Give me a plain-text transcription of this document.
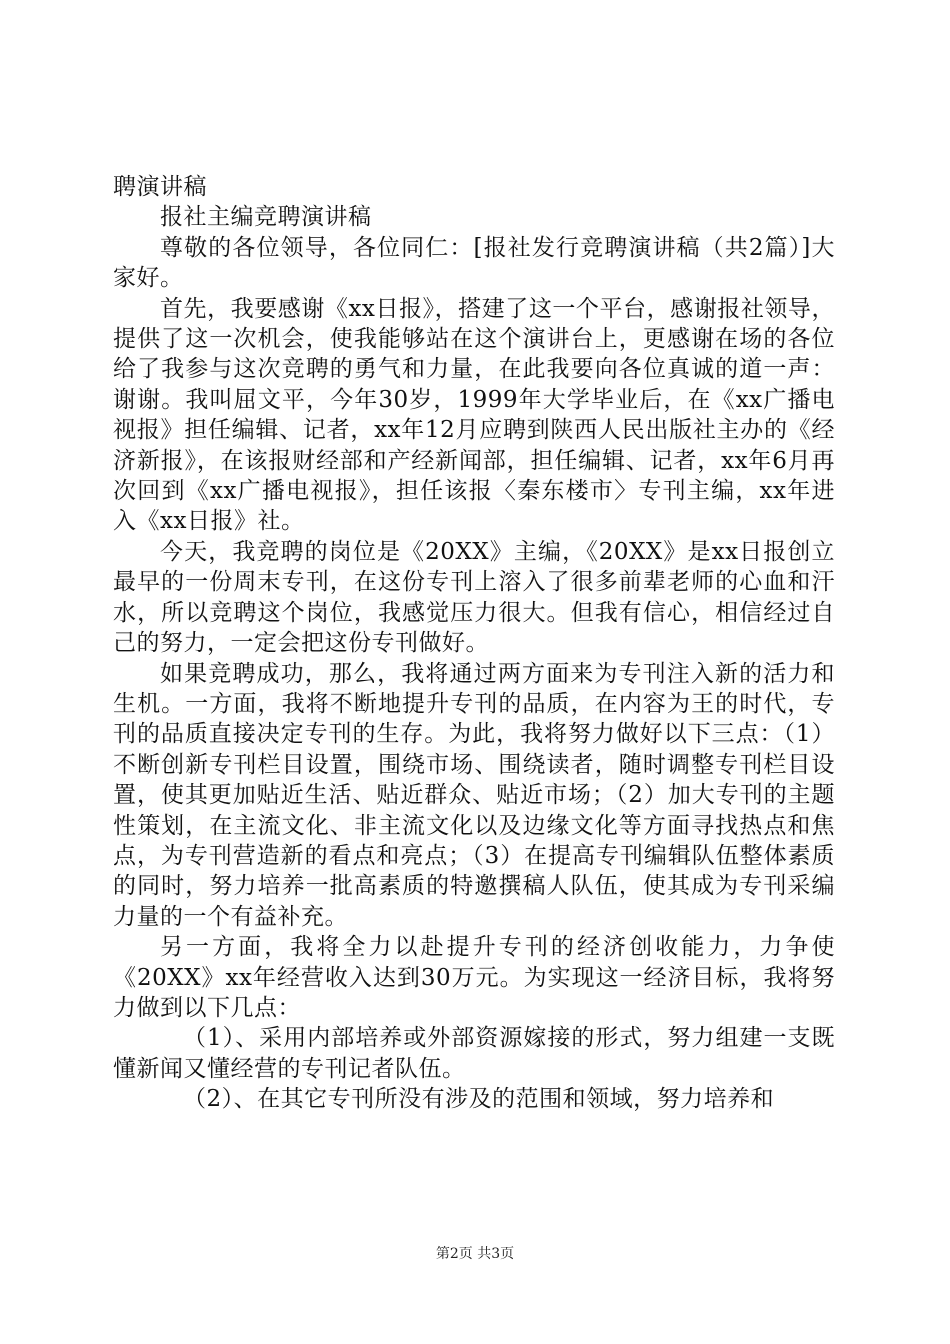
聘演讲稿

报社主编竞聘演讲稿

尊敬的各位领导，各位同仁：[报社发行竞聘演讲稿（共2篇）]大家好。

首先，我要感谢《xx日报》，搭建了这一个平台，感谢报社领导，提供了这一次机会，使我能够站在这个演讲台上，更感谢在场的各位给了我参与这次竞聘的勇气和力量，在此我要向各位真诚的道一声：谢谢。我叫屈文平，今年30岁，1999年大学毕业后，在《xx广播电视报》担任编辑、记者，xx年12月应聘到陕西人民出版社主办的《经济新报》，在该报财经部和产经新闻部，担任编辑、记者，xx年6月再次回到《xx广播电视报》，担任该报〈秦东楼市〉专刊主编，xx年进入《xx日报》社。

今天，我竞聘的岗位是《20XX》主编，《20XX》是xx日报创立最早的一份周末专刊，在这份专刊上溶入了很多前辈老师的心血和汗水，所以竞聘这个岗位，我感觉压力很大。但我有信心，相信经过自己的努力，一定会把这份专刊做好。

如果竞聘成功，那么，我将通过两方面来为专刊注入新的活力和生机。一方面，我将不断地提升专刊的品质，在内容为王的时代，专刊的品质直接决定专刊的生存。为此，我将努力做好以下三点：（1）不断创新专刊栏目设置，围绕市场、围绕读者，随时调整专刊栏目设置，使其更加贴近生活、贴近群众、贴近市场；（2）加大专刊的主题性策划，在主流文化、非主流文化以及边缘文化等方面寻找热点和焦点，为专刊营造新的看点和亮点；（3）在提高专刊编辑队伍整体素质的同时，努力培养一批高素质的特邀撰稿人队伍，使其成为专刊采编力量的一个有益补充。

另一方面，我将全力以赴提升专刊的经济创收能力，力争使《20XX》xx年经营收入达到30万元。为实现这一经济目标，我将努力做到以下几点：

（1）、采用内部培养或外部资源嫁接的形式，努力组建一支既懂新闻又懂经营的专刊记者队伍。

（2）、在其它专刊所没有涉及的范围和领域，努力培养和

第2页 共3页
